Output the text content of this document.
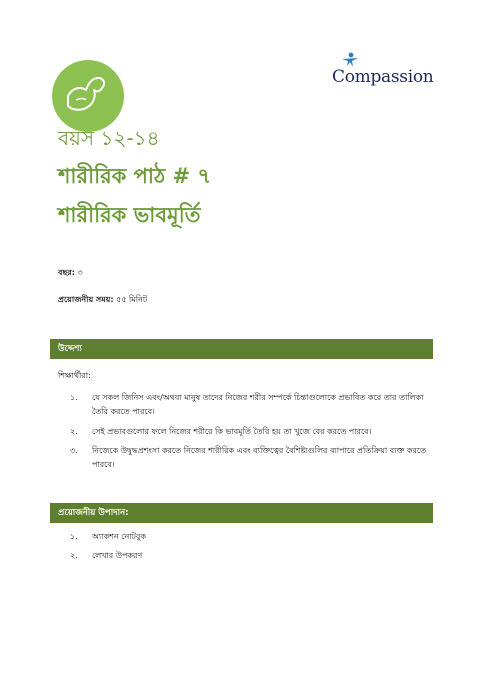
Compassion
বয়স ১২-১৪
শারীরিক পাঠ # ৭
শারীরিক ভাবমূর্তি
বছর: ৩
প্রয়োজনীয় সময়: ৫৫ মিনিট
উদ্দেশ্য
শিক্ষার্থীরা:
১. যে সকল জিনিস এবং/অথবা মানুষ তাদের নিজের শরীর সম্পর্কে চিন্তাগুলোকে প্রভাবিত করে তার তালিকা তৈরি করতে পারবে।
২. সেই প্রভাবগুলোর ফলে নিজের শরীরে কি ভাবমূর্তি তৈরি হয় তা খুজে বের করতে পারবে।
৩. নিজেকে উদ্বুদ্ধপ্রশংসা করতে নিজের শারীরিক এবং ব্যক্তিত্বের বৈশিষ্ট্যগুলির ব্যাপারে প্রতিক্রিয়া ব্যক্ত করতে পারবে।
প্রয়োজনীয় উপাদান:
১. অ্যাকশন নোটবুক
২. লেখার উপকরণ
